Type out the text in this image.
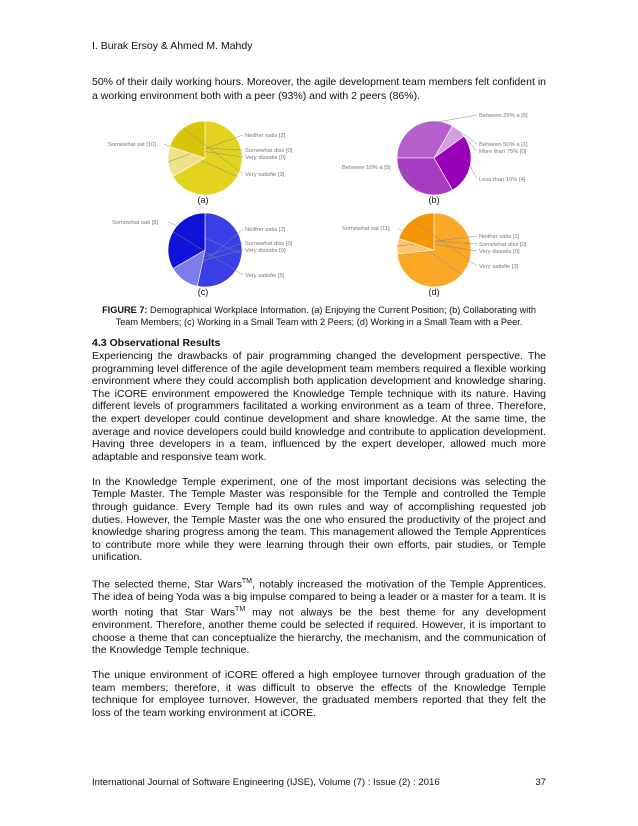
I. Burak Ersoy & Ahmed M. Mahdy

50% of their daily working hours. Moreover, the agile development team members felt confident in a working environment both with a peer (93%) and with 2 peers (86%).

Somewhat sat [10]
Neither satis [2]
Somewhat diss [0]
Very dissatis [0]
Very satisfie [3]
(a)
Between 25% a [5]
Between 50% a [1]
More than 75% [0]
Less than 10% [4]
Between 10% a [5]
(b)
Somewhat sati [8]
Neither satis [2]
Somewhat diss [0]
Very dissatis [0]
Very satisfie [5]
(c)
Somewhat sat [11]
Neither satis [1]
Somewhat diss [0]
Very dissatis [0]
Very satisfie [3]
(d)

FIGURE 7: Demographical Workplace Information. (a) Enjoying the Current Position; (b) Collaborating with Team Members; (c) Working in a Small Team with 2 Peers; (d) Working in a Small Team with a Peer.

4.3 Observational Results

Experiencing the drawbacks of pair programming changed the development perspective. The programming level difference of the agile development team members required a flexible working environment where they could accomplish both application development and knowledge sharing. The iCORE environment empowered the Knowledge Temple technique with its nature. Having different levels of programmers facilitated a working environment as a team of three. Therefore, the expert developer could continue development and share knowledge. At the same time, the average and novice developers could build knowledge and contribute to application development. Having three developers in a team, influenced by the expert developer, allowed much more adaptable and responsive team work.

In the Knowledge Temple experiment, one of the most important decisions was selecting the Temple Master. The Temple Master was responsible for the Temple and controlled the Temple through guidance. Every Temple had its own rules and way of accomplishing requested job duties. However, the Temple Master was the one who ensured the productivity of the project and knowledge sharing progress among the team. This management allowed the Temple Apprentices to contribute more while they were learning through their own efforts, pair studies, or Temple unification.

The selected theme, Star Wars™, notably increased the motivation of the Temple Apprentices. The idea of being Yoda was a big impulse compared to being a leader or a master for a team. It is worth noting that Star Wars™ may not always be the best theme for any development environment. Therefore, another theme could be selected if required. However, it is important to choose a theme that can conceptualize the hierarchy, the mechanism, and the communication of the Knowledge Temple technique.

The unique environment of iCORE offered a high employee turnover through graduation of the team members; therefore, it was difficult to observe the effects of the Knowledge Temple technique for employee turnover. However, the graduated members reported that they felt the loss of the team working environment at iCORE.

International Journal of Software Engineering (IJSE), Volume (7) : Issue (2) : 2016	37
